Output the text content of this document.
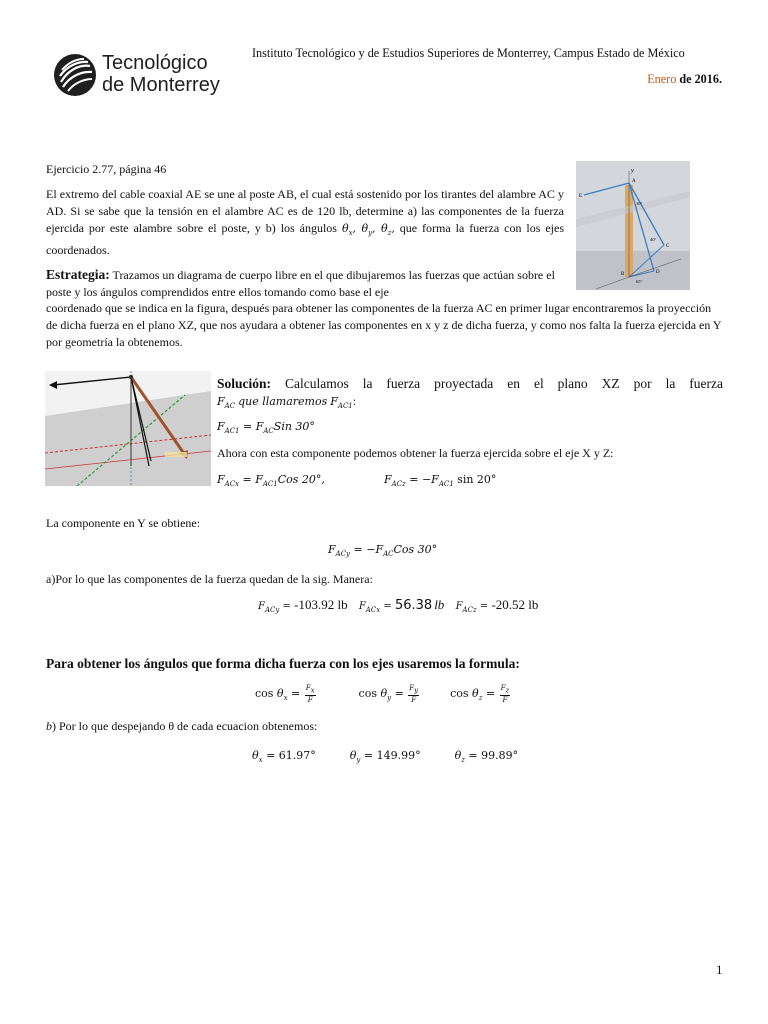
Tecnológico
de Monterrey
Instituto Tecnológico y de Estudios Superiores de Monterrey, Campus Estado de México
Enero de 2016.
Ejercicio 2.77, página 46
El extremo del cable coaxial AE se une al poste AB, el cual está sostenido por los tirantes del alambre AC y AD. Si se sabe que la tensión en el alambre AC es de 120 lb, determine a) las componentes de la fuerza ejercida por este alambre sobre el poste, y b) los ángulos $\theta_x$, $\theta_y$, $\theta_z$, que forma la fuerza con los ejes coordenados.
y
A
B
C
D
E
30°
40°
65°
Estrategia: Trazamos un diagrama de cuerpo libre en el que dibujaremos las fuerzas que actúan sobre el poste y los ángulos comprendidos entre ellos tomando como base el eje
coordenado que se indica en la figura, después para obtener las componentes de la fuerza AC en primer lugar encontraremos la proyección de dicha fuerza en el plano XZ, que nos ayudara a obtener las componentes en x y z de dicha fuerza, y como nos falta la fuerza ejercida en Y por geometría la obtenemos.
Solución: Calculamos la fuerza proyectada en el plano XZ por la fuerza
$F_{AC}$ que llamaremos $F_{AC1}$:
$F_{AC1} = F_{AC}Sin$ 30°
Ahora con esta componente podemos obtener la fuerza ejercida sobre el eje X y Z:
$F_{ACx} = F_{AC1}Cos$ 20°,	$F_{ACz} = -F_{AC1}$ sin 20°
La componente en Y se obtiene:
$F_{ACy} = -F_{AC}Cos$ 30°
a)Por lo que las componentes de la fuerza quedan de la sig. Manera:
$F_{ACy} = -103.92$ lb $F_{ACx} = 56.38$ lb $F_{ACz} = -20.52$ lb
Para obtener los ángulos que forma dicha fuerza con los ejes usaremos la formula:
$\cos \theta_x = \frac{F_x}{F}$	$\cos \theta_y = \frac{F_y}{F}$	$\cos \theta_z = \frac{F_z}{F}$
b) Por lo que despejando θ de cada ecuacion obtenemos:
$\theta_x = 61.97^\circ$	$\theta_y = 149.99^\circ$	$\theta_z = 99.89^\circ$
1
